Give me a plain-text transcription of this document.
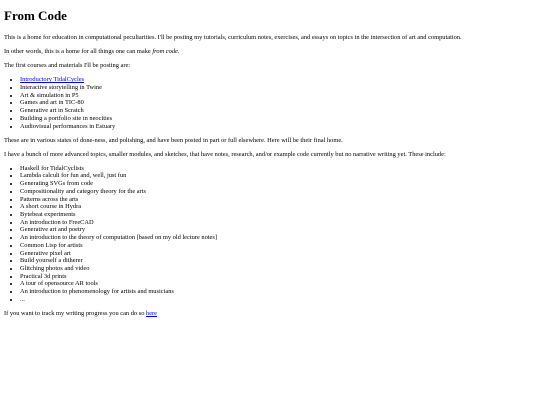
From Code

This is a home for education in computational peculiarities. I'll be posting my tutorials, curriculum notes, exercises, and essays on topics in the intersection of art and computation.

In other words, this is a home for all things one can make from code.

The first courses and materials I'll be posting are:

• Introductory TidalCycles
• Interactive storytelling in Twine
• Art & simulation in P5
• Games and art in TIC-80
• Generative art in Scratch
• Building a portfolio site in neocities
• Audiovisual performances in Estuary

These are in various states of done-ness, and polishing, and have been posted in part or full elsewhere. Here will be their final home.

I have a bunch of more advanced topics, smaller modules, and sketches, that have notes, research, and/or example code currently but no narrative writing yet. These include:

• Haskell for TidalCyclists
• Lambda calculi for fun and, well, just fun
• Generating SVGs from code
• Compositionality and category theory for the arts
• Patterns across the arts
• A short course in Hydra
• Bytebeat experiments
• An introduction to FreeCAD
• Generative art and poetry
• An introduction to the theory of computation [based on my old lecture notes]
• Common Lisp for artists
• Generative pixel art
• Build yourself a ditherer
• Glitching photos and video
• Practical 3d prints
• A tour of opensource AR tools
• An introduction to phenomenology for artists and musicians
• ...

If you want to track my writing progress you can do so here
